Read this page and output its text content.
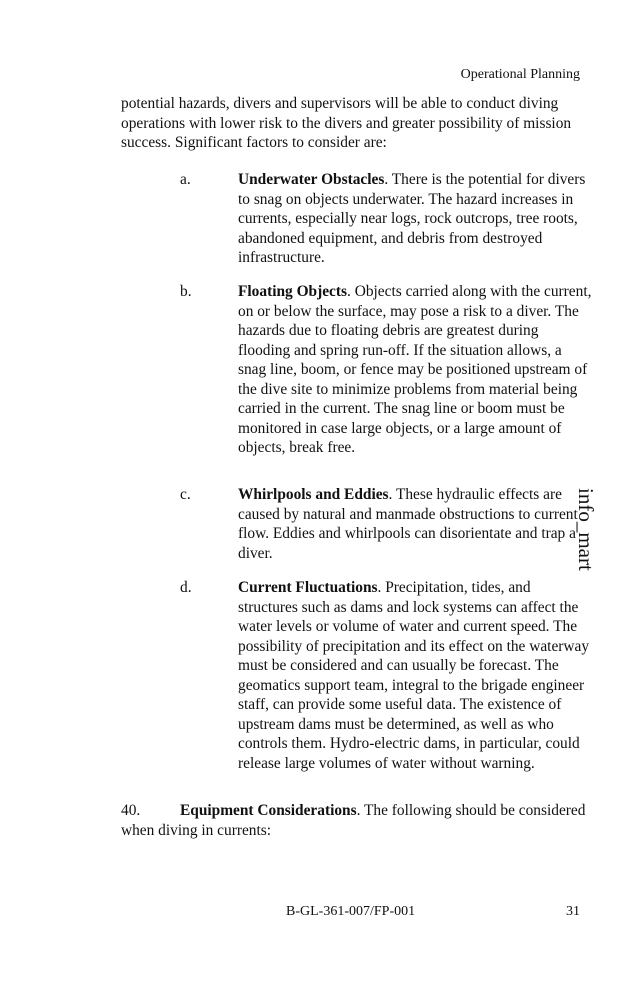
Operational Planning
potential hazards, divers and supervisors will be able to conduct diving operations with lower risk to the divers and greater possibility of mission success. Significant factors to consider are:
a.	Underwater Obstacles. There is the potential for divers to snag on objects underwater. The hazard increases in currents, especially near logs, rock outcrops, tree roots, abandoned equipment, and debris from destroyed infrastructure.
b.	Floating Objects. Objects carried along with the current, on or below the surface, may pose a risk to a diver. The hazards due to floating debris are greatest during flooding and spring run-off. If the situation allows, a snag line, boom, or fence may be positioned upstream of the dive site to minimize problems from material being carried in the current. The snag line or boom must be monitored in case large objects, or a large amount of objects, break free.
c.	Whirlpools and Eddies. These hydraulic effects are caused by natural and manmade obstructions to current flow. Eddies and whirlpools can disorientate and trap a diver.
d.	Current Fluctuations. Precipitation, tides, and structures such as dams and lock systems can affect the water levels or volume of water and current speed. The possibility of precipitation and its effect on the waterway must be considered and can usually be forecast. The geomatics support team, integral to the brigade engineer staff, can provide some useful data. The existence of upstream dams must be determined, as well as who controls them. Hydro-electric dams, in particular, could release large volumes of water without warning.
40.	Equipment Considerations. The following should be considered when diving in currents:
info_mart
B-GL-361-007/FP-001	31
